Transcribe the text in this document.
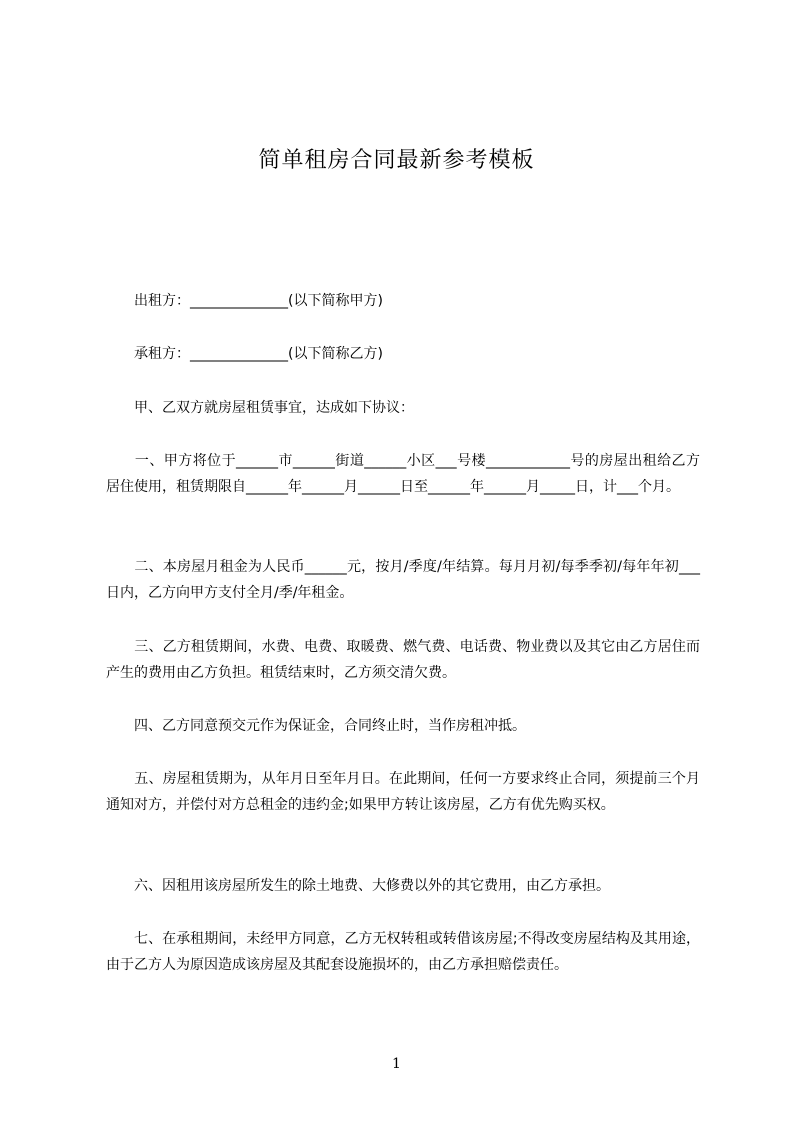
简单租房合同最新参考模板
　　出租方：______________(以下简称甲方)
　　承租方：______________(以下简称乙方)
　　甲、乙双方就房屋租赁事宜，达成如下协议：
　　一、甲方将位于______市______街道______小区___号楼____________号的房屋出租给乙方居住使用，租赁期限自______年______月______日至______年______月_____日，计___个月。
　　二、本房屋月租金为人民币______元，按月/季度/年结算。每月月初/每季季初/每年年初___日内，乙方向甲方支付全月/季/年租金。
　　三、乙方租赁期间，水费、电费、取暖费、燃气费、电话费、物业费以及其它由乙方居住而产生的费用由乙方负担。租赁结束时，乙方须交清欠费。
　　四、乙方同意预交元作为保证金，合同终止时，当作房租冲抵。
　　五、房屋租赁期为，从年月日至年月日。在此期间，任何一方要求终止合同，须提前三个月通知对方，并偿付对方总租金的违约金;如果甲方转让该房屋，乙方有优先购买权。
　　六、因租用该房屋所发生的除土地费、大修费以外的其它费用，由乙方承担。
　　七、在承租期间，未经甲方同意，乙方无权转租或转借该房屋;不得改变房屋结构及其用途，由于乙方人为原因造成该房屋及其配套设施损坏的，由乙方承担赔偿责任。
1
